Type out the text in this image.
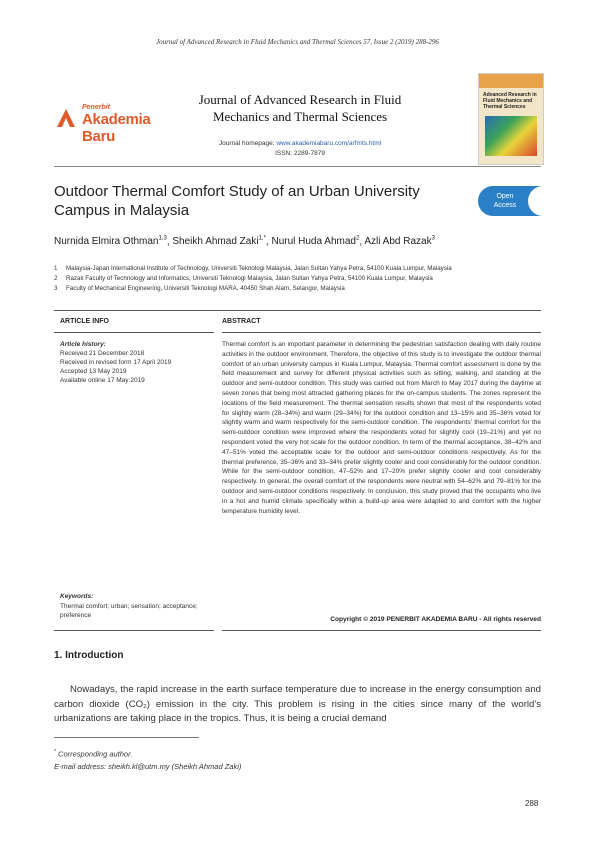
Journal of Advanced Research in Fluid Mechanics and Thermal Sciences 57, Issue 2 (2019) 288-296
Penerbit
Akademia Baru
Journal of Advanced Research in Fluid
Mechanics and Thermal Sciences
Journal homepage: www.akademiabaru.com/arfmts.html
ISSN: 2289-7879
Advanced Research in Fluid Mechanics and Thermal Sciences
Outdoor Thermal Comfort Study of an Urban University Campus in Malaysia
Open
Access
Nurnida Elmira Othman$^{1,3}$, Sheikh Ahmad Zaki$^{1,*}$, Nurul Huda Ahmad$^2$, Azli Abd Razak$^3$
1	Malaysia-Japan International Institute of Technology, Universiti Teknologi Malaysia, Jalan Sultan Yahya Petra, 54100 Kuala Lumpur, Malaysia
2	Razak Faculty of Technology and Informatics, Universiti Teknologi Malaysia, Jalan Sultan Yahya Petra, 54100 Kuala Lumpur, Malaysia
3	Faculty of Mechanical Engineering, Universiti Teknologi MARA, 40450 Shah Alam, Selangor, Malaysia
ARTICLE INFO	ABSTRACT
Article history:
Received 21 December 2018
Received in revised form 17 April 2019
Accepted 13 May 2019
Available online 17 May 2019
Thermal comfort is an important parameter in determining the pedestrian satisfaction dealing with daily routine activities in the outdoor environment. Therefore, the objective of this study is to investigate the outdoor thermal comfort of an urban university campus in Kuala Lumpur, Malaysia. Thermal comfort assessment is done by the field measurement and survey for different physical activities such as sitting, walking, and standing at the outdoor and semi-outdoor condition. This study was carried out from March to May 2017 during the daytime at seven zones that being most attracted gathering places for the on-campus students. The zones represent the locations of the field measurement. The thermal sensation results shown that most of the respondents voted for slightly warm (28–34%) and warm (29–34%) for the outdoor condition and 13–15% and 35–36% voted for slightly warm and warm respectively for the semi-outdoor condition. The respondents' thermal comfort for the semi-outdoor condition were improved where the respondents voted for slightly cool (19–21%) and yet no respondent voted the very hot scale for the outdoor condition. In term of the thermal acceptance, 38–42% and 47–51% voted the acceptable scale for the outdoor and semi-outdoor conditions respectively. As for the thermal preference, 35–36% and 33–34% prefer slightly cooler and cool considerably for the outdoor condition. While for the semi-outdoor condition, 47–52% and 17–20% prefer slightly cooler and cool considerably respectively. In general, the overall comfort of the respondents were neutral with 54–62% and 79–81% for the outdoor and semi-outdoor conditions respectively. In conclusion, this study proved that the occupants who live in a hot and humid climate specifically within a build-up area were adapted to and comfort with the higher temperature humidity level.
Keywords:
Thermal comfort; urban; sensation; acceptance; preference
Copyright © 2019 PENERBIT AKADEMIA BARU - All rights reserved
1. Introduction
Nowadays, the rapid increase in the earth surface temperature due to increase in the energy consumption and carbon dioxide (CO₂) emission in the city. This problem is rising in the cities since many of the world's urbanizations are taking place in the tropics. Thus, it is being a crucial demand
* Corresponding author.
E-mail address: sheikh.kl@utm.my (Sheikh Ahmad Zaki)
288
